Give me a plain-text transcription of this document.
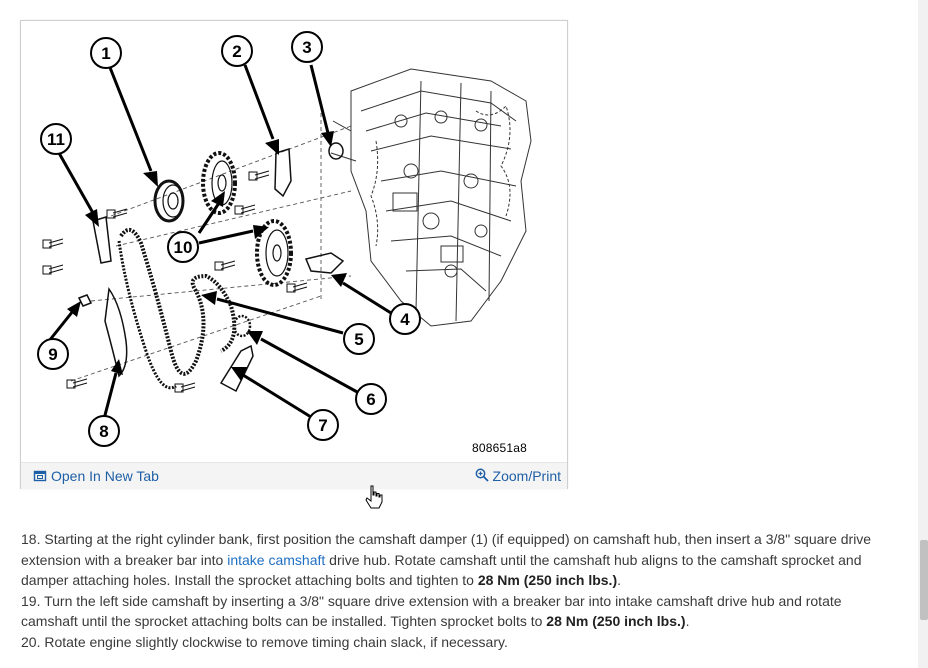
1	2	3
4
5
6
7
8
9
10
11
808651a8
Open In New Tab	Zoom/Print

18. Starting at the right cylinder bank, first position the camshaft damper (1) (if equipped) on camshaft hub, then insert a 3/8" square drive extension with a breaker bar into intake camshaft drive hub. Rotate camshaft until the camshaft hub aligns to the camshaft sprocket and damper attaching holes. Install the sprocket attaching bolts and tighten to 28 Nm (250 inch lbs.).

19. Turn the left side camshaft by inserting a 3/8" square drive extension with a breaker bar into intake camshaft drive hub and rotate camshaft until the sprocket attaching bolts can be installed. Tighten sprocket bolts to 28 Nm (250 inch lbs.).

20. Rotate engine slightly clockwise to remove timing chain slack, if necessary.
